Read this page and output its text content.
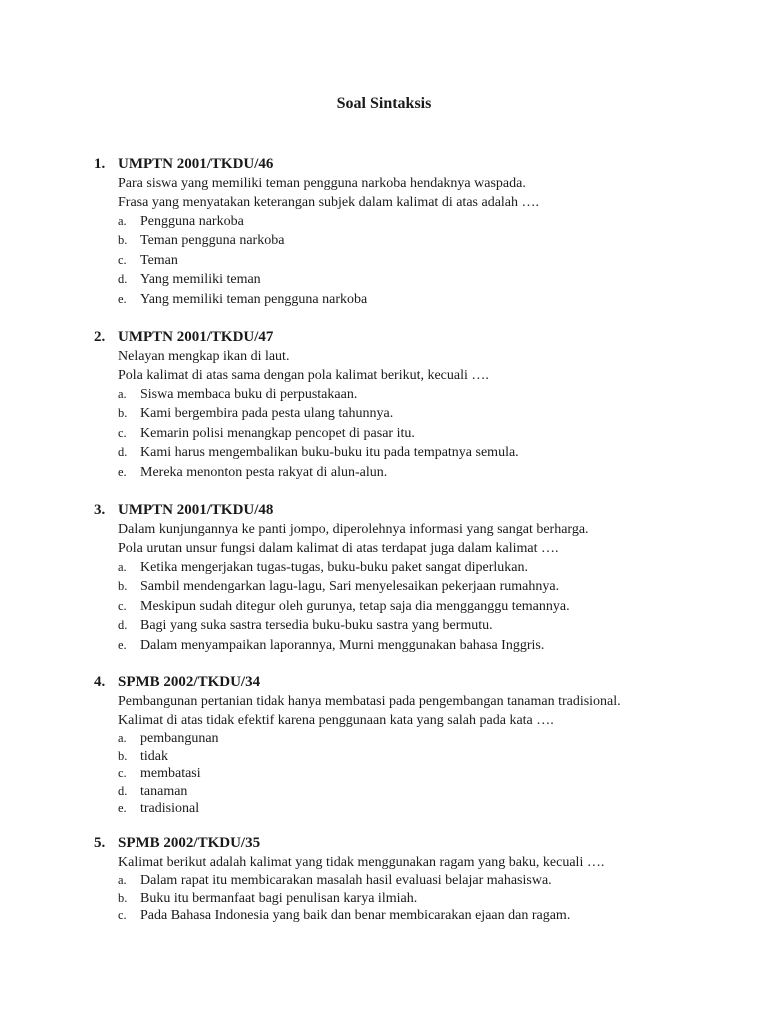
Soal Sintaksis
1. UMPTN 2001/TKDU/46
Para siswa yang memiliki teman pengguna narkoba hendaknya waspada.
Frasa yang menyatakan keterangan subjek dalam kalimat di atas adalah ….
a. Pengguna narkoba
b. Teman pengguna narkoba
c. Teman
d. Yang memiliki teman
e. Yang memiliki teman pengguna narkoba
2. UMPTN 2001/TKDU/47
Nelayan mengkap ikan di laut.
Pola kalimat di atas sama dengan pola kalimat berikut, kecuali ….
a. Siswa membaca buku di perpustakaan.
b. Kami bergembira pada pesta ulang tahunnya.
c. Kemarin polisi menangkap pencopet di pasar itu.
d. Kami harus mengembalikan buku-buku itu pada tempatnya semula.
e. Mereka menonton pesta rakyat di alun-alun.
3. UMPTN 2001/TKDU/48
Dalam kunjungannya ke panti jompo, diperolehnya informasi yang sangat berharga.
Pola urutan unsur fungsi dalam kalimat di atas terdapat juga dalam kalimat ….
a. Ketika mengerjakan tugas-tugas, buku-buku paket sangat diperlukan.
b. Sambil mendengarkan lagu-lagu, Sari menyelesaikan pekerjaan rumahnya.
c. Meskipun sudah ditegur oleh gurunya, tetap saja dia mengganggu temannya.
d. Bagi yang suka sastra tersedia buku-buku sastra yang bermutu.
e. Dalam menyampaikan laporannya, Murni menggunakan bahasa Inggris.
4. SPMB 2002/TKDU/34
Pembangunan pertanian tidak hanya membatasi pada pengembangan tanaman tradisional.
Kalimat di atas tidak efektif karena penggunaan kata yang salah pada kata ….
a. pembangunan
b. tidak
c. membatasi
d. tanaman
e. tradisional
5. SPMB 2002/TKDU/35
Kalimat berikut adalah kalimat yang tidak menggunakan ragam yang baku, kecuali ….
a. Dalam rapat itu membicarakan masalah hasil evaluasi belajar mahasiswa.
b. Buku itu bermanfaat bagi penulisan karya ilmiah.
c. Pada Bahasa Indonesia yang baik dan benar membicarakan ejaan dan ragam.
